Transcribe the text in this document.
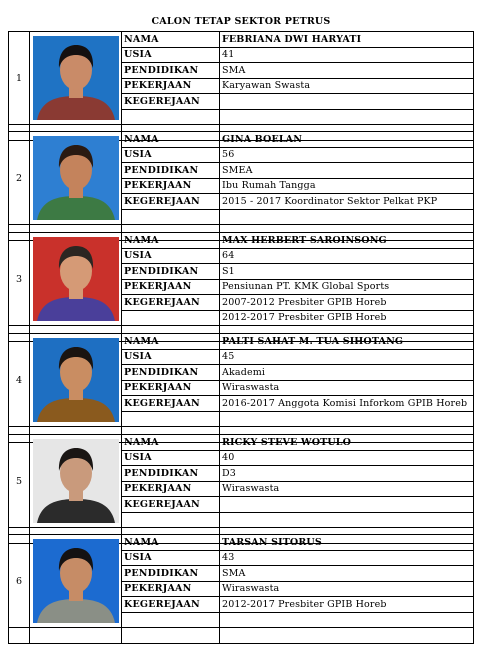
CALON TETAP SEKTOR PETRUS
1		NAMA	FEBRIANA DWI HARYATI
		USIA	41
		PENDIDIKAN	SMA
		PEKERJAAN	Karyawan Swasta
		KEGEREJAAN	

2		NAMA	GINA BOELAN
		USIA	56
		PENDIDIKAN	SMEA
		PEKERJAAN	Ibu Rumah Tangga
		KEGEREJAAN	2015 - 2017 Koordinator Sektor Pelkat PKP

3		NAMA	MAX HERBERT SAROINSONG
		USIA	64
		PENDIDIKAN	S1
		PEKERJAAN	Pensiunan PT. KMK Global Sports
		KEGEREJAAN	2007-2012 Presbiter GPIB Horeb
			2012-2017 Presbiter GPIB Horeb

4		NAMA	PALTI SAHAT M. TUA SIHOTANG
		USIA	45
		PENDIDIKAN	Akademi
		PEKERJAAN	Wiraswasta
		KEGEREJAAN	2016-2017 Anggota Komisi Inforkom GPIB Horeb

5		NAMA	RICKY STEVE WOTULO
		USIA	40
		PENDIDIKAN	D3
		PEKERJAAN	Wiraswasta
		KEGEREJAAN	

6		NAMA	TARSAN SITORUS
		USIA	43
		PENDIDIKAN	SMA
		PEKERJAAN	Wiraswasta
		KEGEREJAAN	2012-2017 Presbiter GPIB Horeb
